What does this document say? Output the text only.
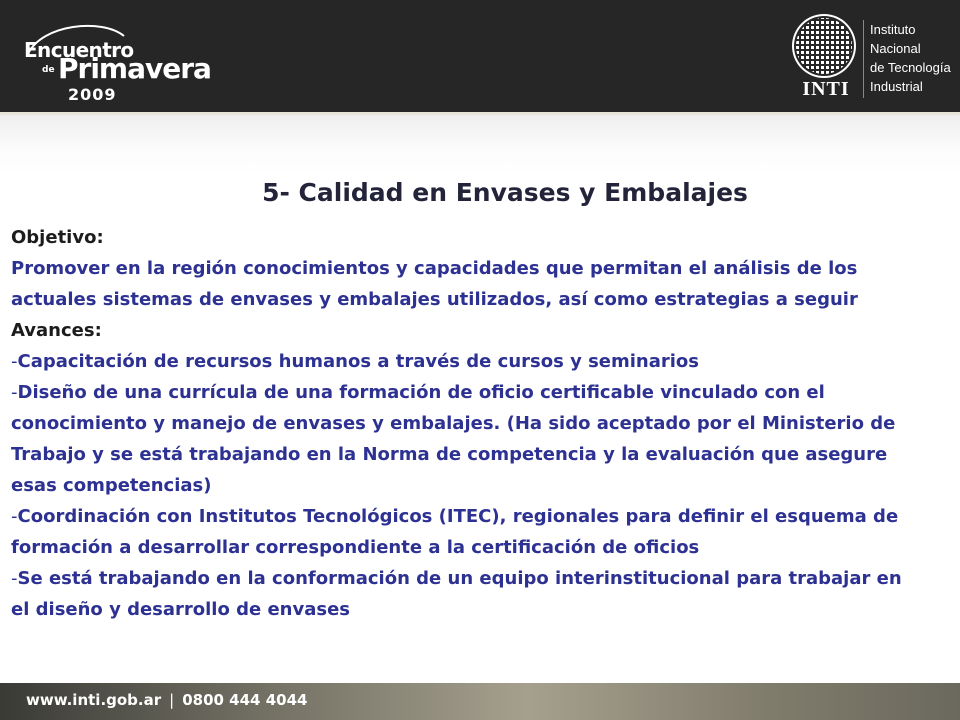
Encuentro
de Primavera
2009	INTI
Instituto
Nacional
de Tecnología
Industrial
5- Calidad en Envases y Embalajes
Objetivo:
Promover en la región conocimientos y capacidades que permitan el análisis de los actuales sistemas de envases y embalajes utilizados, así como estrategias a seguir
Avances:
-Capacitación de recursos humanos a través de cursos y seminarios
-Diseño de una currícula de una formación de oficio certificable vinculado con el conocimiento y manejo de envases y embalajes. (Ha sido aceptado por el Ministerio de Trabajo y se está trabajando en la Norma de competencia y la evaluación que asegure esas competencias)
-Coordinación con Institutos Tecnológicos (ITEC), regionales para definir el esquema de formación a desarrollar correspondiente a la certificación de oficios
-Se está trabajando en la conformación de un equipo interinstitucional para trabajar en el diseño y desarrollo de envases
www.inti.gob.ar | 0800 444 4044
